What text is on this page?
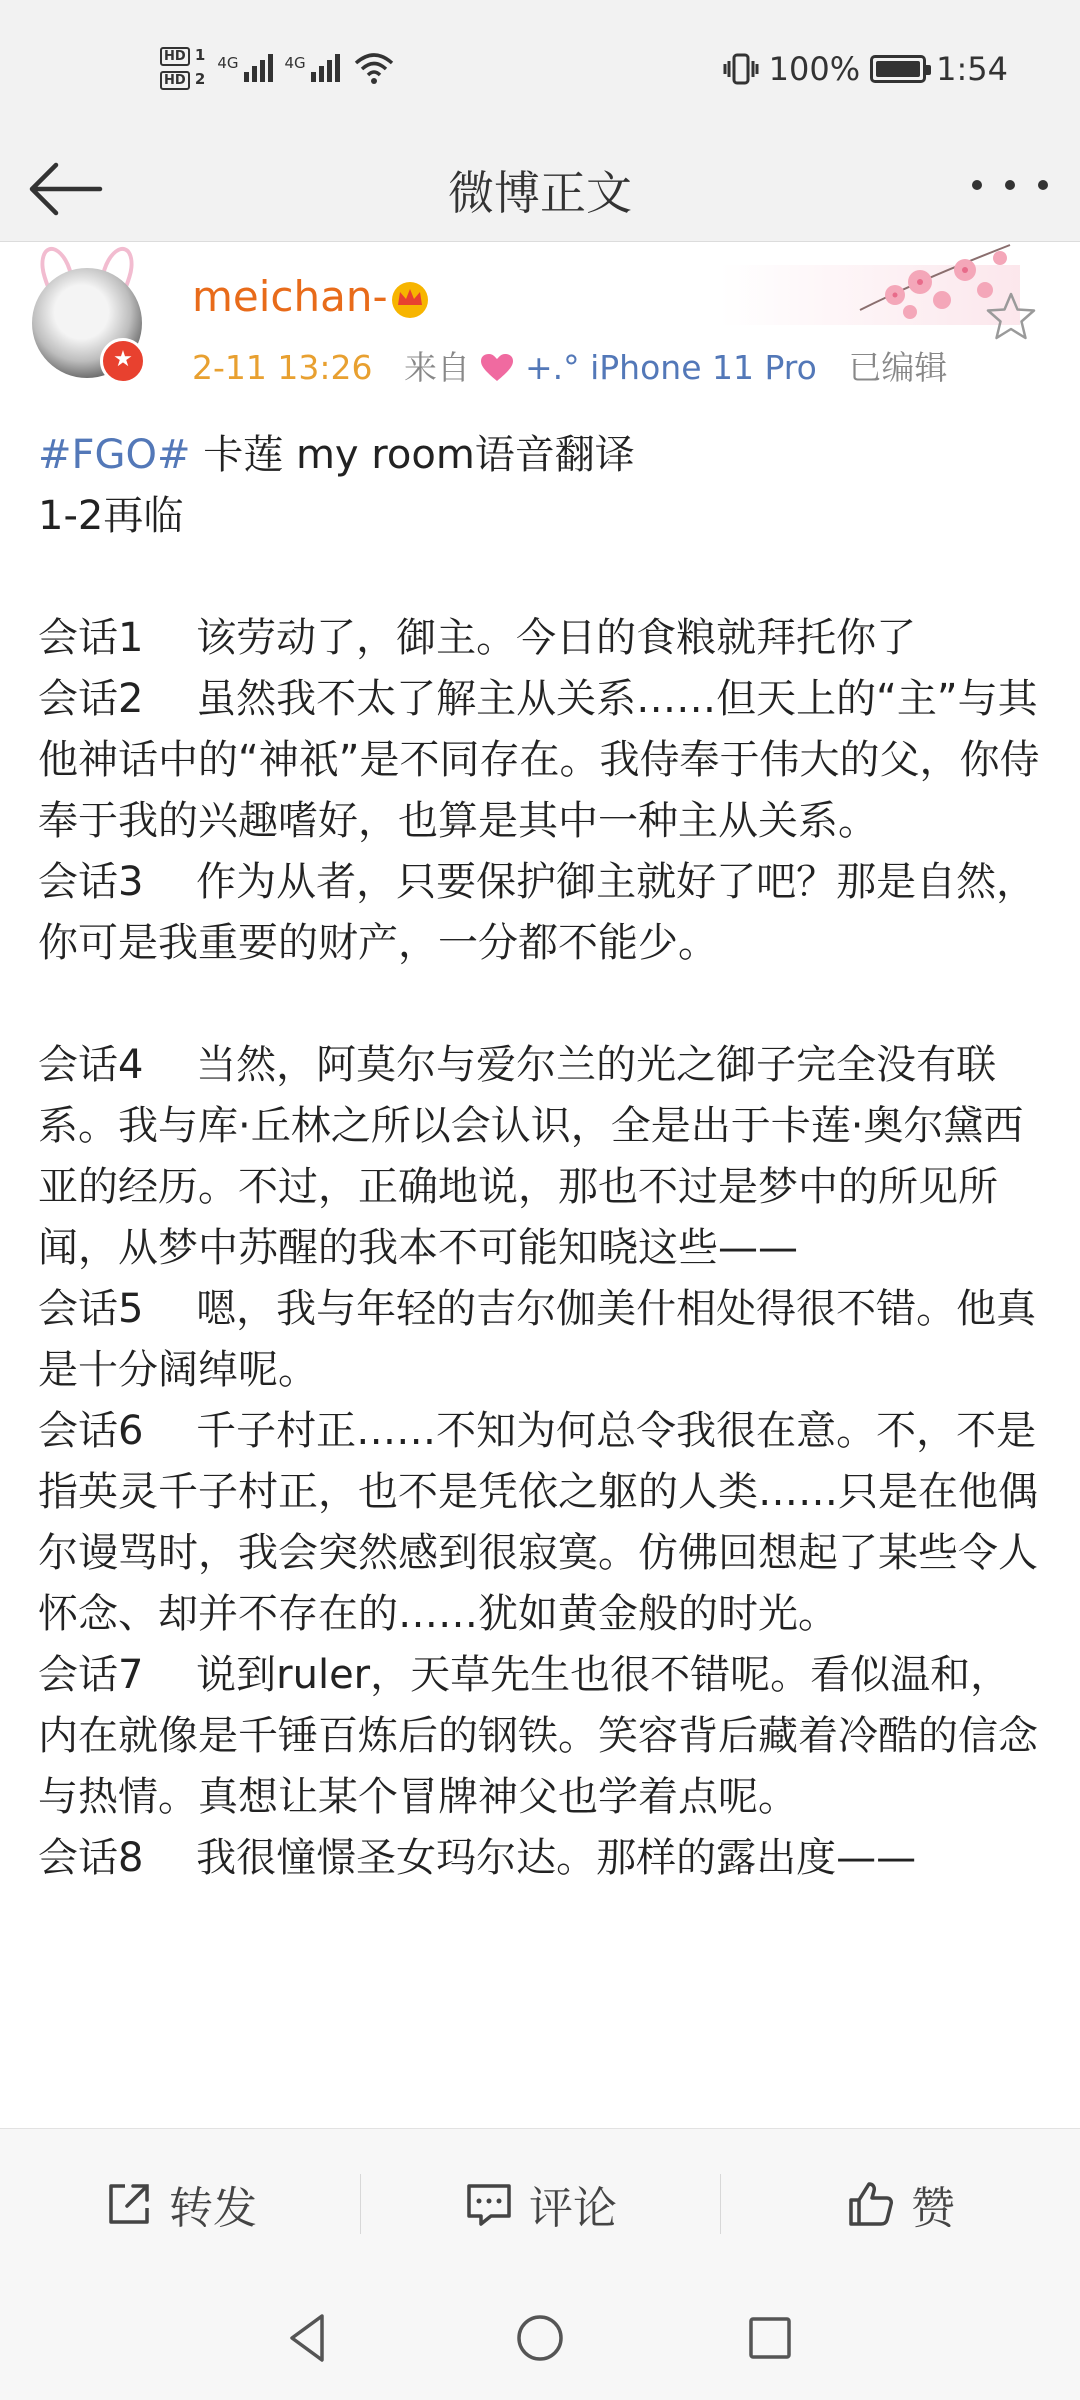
HD 1
HD 2
4G	4G	100% 1:54
微博正文
★
meichan-
2-11 13:26 来自 +.° iPhone 11 Pro 已编辑

#FGO# 卡莲 my room语音翻译

1-2再临

会话1　 该劳动了，御主。今日的食粮就拜托你了

会话2　 虽然我不太了解主从关系……但天上的“主”与其他神话中的“神祇”是不同存在。我侍奉于伟大的父，你侍奉于我的兴趣嗜好，也算是其中一种主从关系。

会话3　 作为从者，只要保护御主就好了吧？那是自然，你可是我重要的财产，一分都不能少。

会话4　 当然，阿莫尔与爱尔兰的光之御子完全没有联系。我与库·丘林之所以会认识，全是出于卡莲·奥尔黛西亚的经历。不过，正确地说，那也不过是梦中的所见所闻，从梦中苏醒的我本不可能知晓这些——

会话5　 嗯，我与年轻的吉尔伽美什相处得很不错。他真是十分阔绰呢。

会话6　 千子村正……不知为何总令我很在意。不，不是指英灵千子村正，也不是凭依之躯的人类……只是在他偶尔谩骂时，我会突然感到很寂寞。仿佛回想起了某些令人怀念、却并不存在的……犹如黄金般的时光。

会话7　 说到ruler，天草先生也很不错呢。看似温和，内在就像是千锤百炼后的钢铁。笑容背后藏着冷酷的信念与热情。真想让某个冒牌神父也学着点呢。

会话8　 我很憧憬圣女玛尔达。那样的露出度——

转发	评论	赞
